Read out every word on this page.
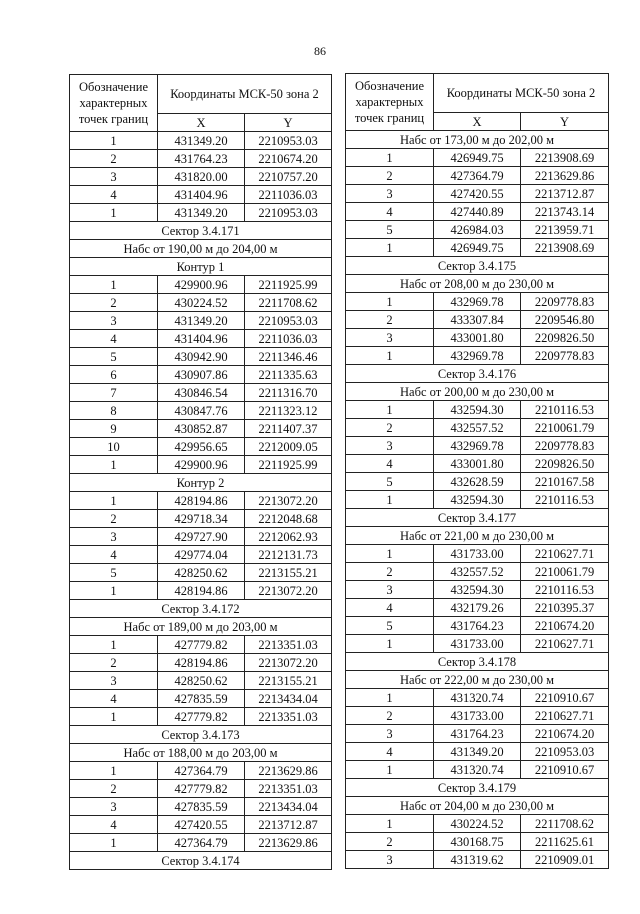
86
Обозначение характерных точек границ	Координаты МСК-50 зона 2	
	X	Y
1	431349.20	2210953.03
2	431764.23	2210674.20
3	431820.00	2210757.20
4	431404.96	2211036.03
1	431349.20	2210953.03
Сектор 3.4.171		
Набс от 190,00 м до 204,00 м		
Контур 1		
1	429900.96	2211925.99
2	430224.52	2211708.62
3	431349.20	2210953.03
4	431404.96	2211036.03
5	430942.90	2211346.46
6	430907.86	2211335.63
7	430846.54	2211316.70
8	430847.76	2211323.12
9	430852.87	2211407.37
10	429956.65	2212009.05
1	429900.96	2211925.99
Контур 2		
1	428194.86	2213072.20
2	429718.34	2212048.68
3	429727.90	2212062.93
4	429774.04	2212131.73
5	428250.62	2213155.21
1	428194.86	2213072.20
Сектор 3.4.172		
Набс от 189,00 м до 203,00 м		
1	427779.82	2213351.03
2	428194.86	2213072.20
3	428250.62	2213155.21
4	427835.59	2213434.04
1	427779.82	2213351.03
Сектор 3.4.173		
Набс от 188,00 м до 203,00 м		
1	427364.79	2213629.86
2	427779.82	2213351.03
3	427835.59	2213434.04
4	427420.55	2213712.87
1	427364.79	2213629.86
Сектор 3.4.174		
Обозначение характерных точек границ	Координаты МСК-50 зона 2	
	X	Y
Набс от 173,00 м до 202,00 м		
1	426949.75	2213908.69
2	427364.79	2213629.86
3	427420.55	2213712.87
4	427440.89	2213743.14
5	426984.03	2213959.71
1	426949.75	2213908.69
Сектор 3.4.175		
Набс от 208,00 м до 230,00 м		
1	432969.78	2209778.83
2	433307.84	2209546.80
3	433001.80	2209826.50
1	432969.78	2209778.83
Сектор 3.4.176		
Набс от 200,00 м до 230,00 м		
1	432594.30	2210116.53
2	432557.52	2210061.79
3	432969.78	2209778.83
4	433001.80	2209826.50
5	432628.59	2210167.58
1	432594.30	2210116.53
Сектор 3.4.177		
Набс от 221,00 м до 230,00 м		
1	431733.00	2210627.71
2	432557.52	2210061.79
3	432594.30	2210116.53
4	432179.26	2210395.37
5	431764.23	2210674.20
1	431733.00	2210627.71
Сектор 3.4.178		
Набс от 222,00 м до 230,00 м		
1	431320.74	2210910.67
2	431733.00	2210627.71
3	431764.23	2210674.20
4	431349.20	2210953.03
1	431320.74	2210910.67
Сектор 3.4.179		
Набс от 204,00 м до 230,00 м		
1	430224.52	2211708.62
2	430168.75	2211625.61
3	431319.62	2210909.01
